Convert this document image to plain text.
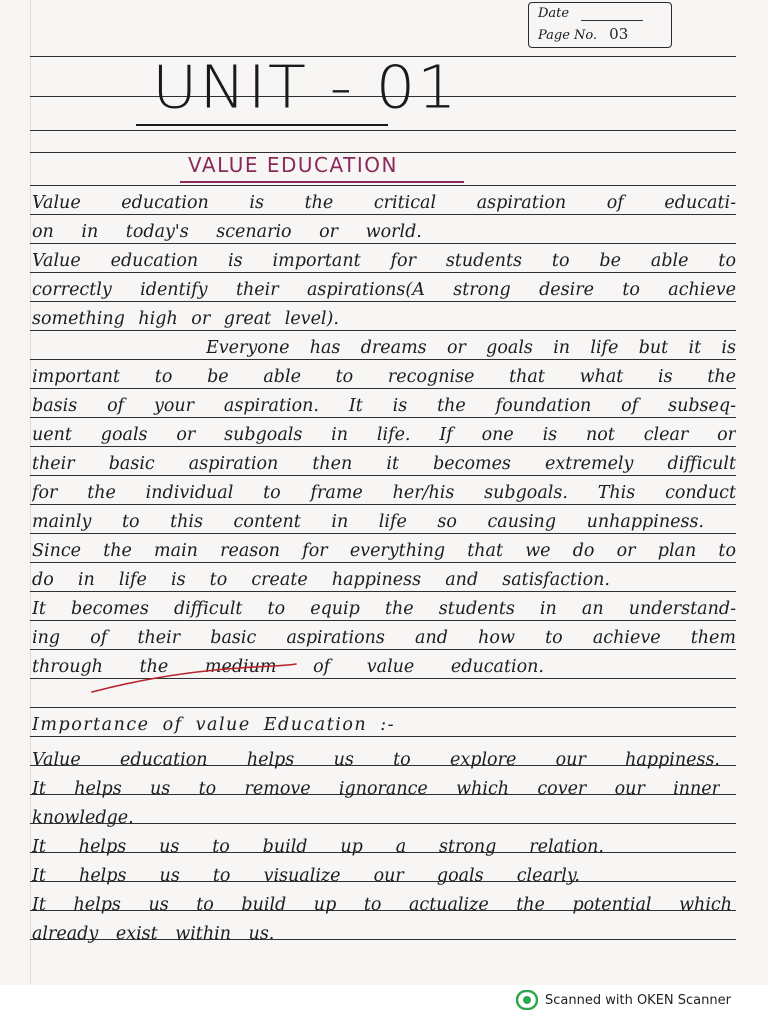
Date
Page No. 03
UNIT - 01
VALUE EDUCATION
Value education is the critical aspiration of educati-
on in today's scenario or world.
Value education is important for students to be able to
correctly identify their aspirations(A strong desire to achieve
something high or great level).
Everyone has dreams or goals in life but it is
important to be able to recognise that what is the
basis of your aspiration. It is the foundation of subseq-
uent goals or subgoals in life. If one is not clear or
their basic aspiration then it becomes extremely difficult
for the individual to frame her/his subgoals. This conduct
mainly to this content in life so causing unhappiness.
Since the main reason for everything that we do or plan to
do in life is to create happiness and satisfaction.
It becomes difficult to equip the students in an understand-
ing of their basic aspirations and how to achieve them
through the medium of value education.
Importance of value Education :-
Value education helps us to explore our happiness.
It helps us to remove ignorance which cover our inner
knowledge.
It helps us to build up a strong relation.
It helps us to visualize our goals clearly.
It helps us to build up to actualize the potential which
already exist within us.
Scanned with OKEN Scanner
